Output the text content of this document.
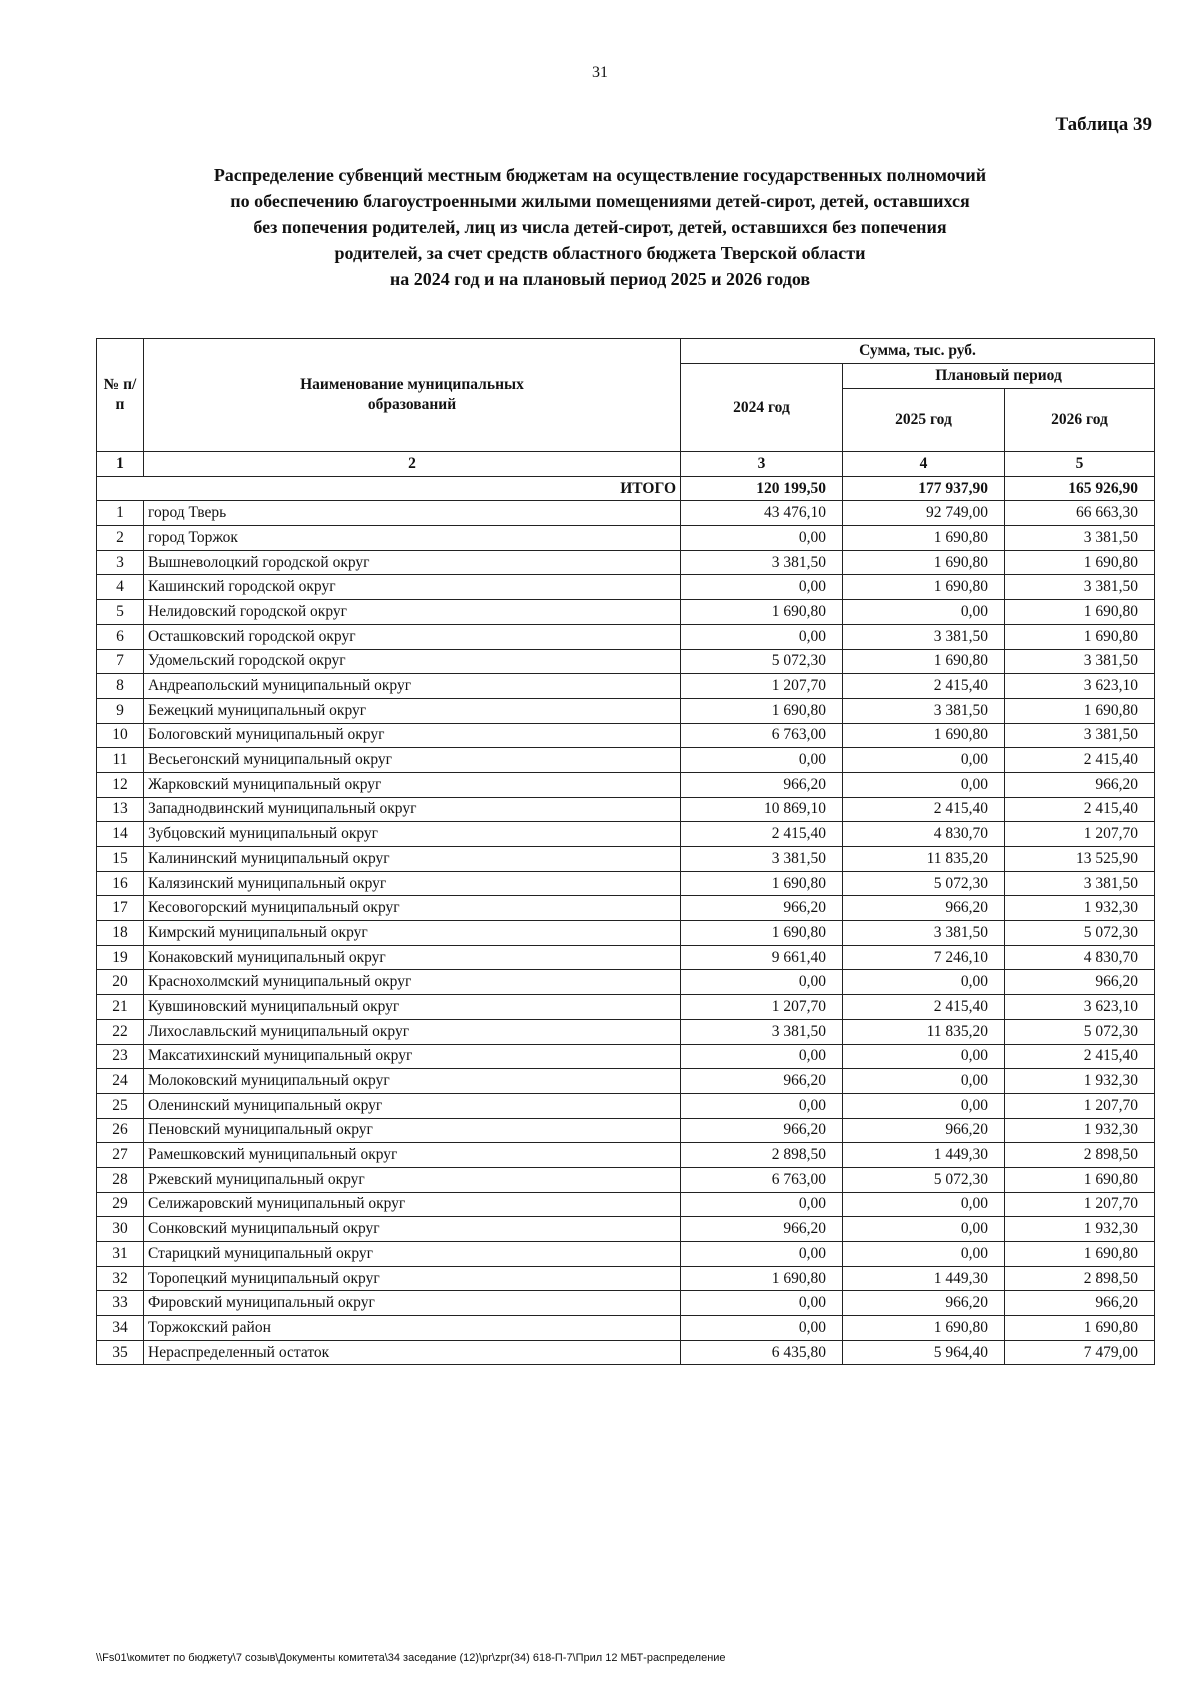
31
Таблица 39
Распределение субвенций местным бюджетам на осуществление государственных полномочий
по обеспечению благоустроенными жилыми помещениями детей-сирот, детей, оставшихся
без попечения родителей, лиц из числа детей-сирот, детей, оставшихся без попечения
родителей, за счет средств областного бюджета Тверской области
на 2024 год и на плановый период 2025 и 2026 годов
№ п/п	Наименование муниципальных образований	Сумма, тыс. руб.		
		2024 год	Плановый период	
			2025 год	2026 год
1	2	3	4	5
ИТОГО		120 199,50	177 937,90	165 926,90
1	город Тверь	43 476,10	92 749,00	66 663,30
2	город Торжок	0,00	1 690,80	3 381,50
3	Вышневолоцкий городской округ	3 381,50	1 690,80	1 690,80
4	Кашинский городской округ	0,00	1 690,80	3 381,50
5	Нелидовский городской округ	1 690,80	0,00	1 690,80
6	Осташковский городской округ	0,00	3 381,50	1 690,80
7	Удомельский городской округ	5 072,30	1 690,80	3 381,50
8	Андреапольский муниципальный округ	1 207,70	2 415,40	3 623,10
9	Бежецкий муниципальный округ	1 690,80	3 381,50	1 690,80
10	Бологовский муниципальный округ	6 763,00	1 690,80	3 381,50
11	Весьегонский муниципальный округ	0,00	0,00	2 415,40
12	Жарковский муниципальный округ	966,20	0,00	966,20
13	Западнодвинский муниципальный округ	10 869,10	2 415,40	2 415,40
14	Зубцовский муниципальный округ	2 415,40	4 830,70	1 207,70
15	Калининский муниципальный округ	3 381,50	11 835,20	13 525,90
16	Калязинский муниципальный округ	1 690,80	5 072,30	3 381,50
17	Кесовогорский муниципальный округ	966,20	966,20	1 932,30
18	Кимрский муниципальный округ	1 690,80	3 381,50	5 072,30
19	Конаковский муниципальный округ	9 661,40	7 246,10	4 830,70
20	Краснохолмский муниципальный округ	0,00	0,00	966,20
21	Кувшиновский муниципальный округ	1 207,70	2 415,40	3 623,10
22	Лихославльский муниципальный округ	3 381,50	11 835,20	5 072,30
23	Максатихинский муниципальный округ	0,00	0,00	2 415,40
24	Молоковский муниципальный округ	966,20	0,00	1 932,30
25	Оленинский муниципальный округ	0,00	0,00	1 207,70
26	Пеновский муниципальный округ	966,20	966,20	1 932,30
27	Рамешковский муниципальный округ	2 898,50	1 449,30	2 898,50
28	Ржевский муниципальный округ	6 763,00	5 072,30	1 690,80
29	Селижаровский муниципальный округ	0,00	0,00	1 207,70
30	Сонковский муниципальный округ	966,20	0,00	1 932,30
31	Старицкий муниципальный округ	0,00	0,00	1 690,80
32	Торопецкий муниципальный округ	1 690,80	1 449,30	2 898,50
33	Фировский муниципальный округ	0,00	966,20	966,20
34	Торжокский район	0,00	1 690,80	1 690,80
35	Нераспределенный остаток	6 435,80	5 964,40	7 479,00
\\Fs01\комитет по бюджету\7 созыв\Документы комитета\34 заседание (12)\pr\zpr(34) 618-П-7\Прил 12 МБТ-распределение
